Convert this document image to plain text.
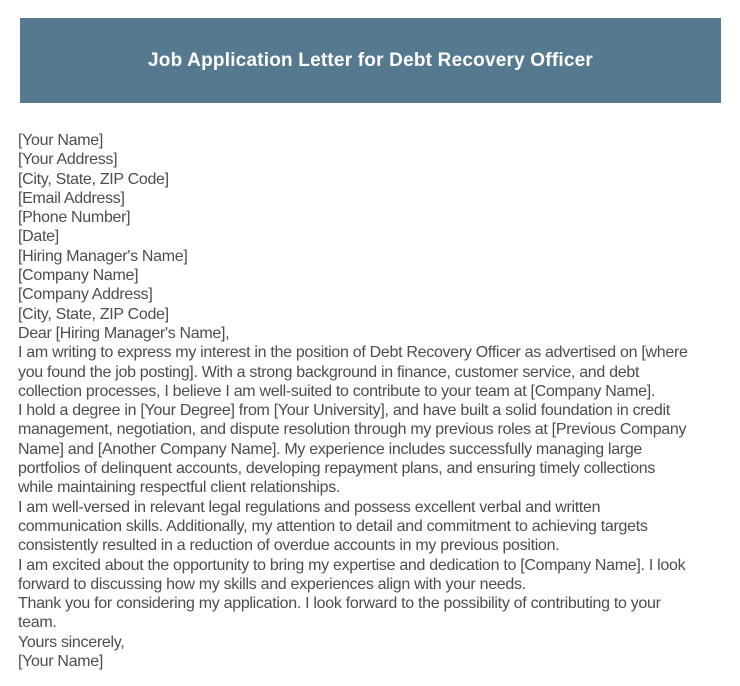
Job Application Letter for Debt Recovery Officer
[Your Name]
[Your Address]
[City, State, ZIP Code]
[Email Address]
[Phone Number]
[Date]
[Hiring Manager's Name]
[Company Name]
[Company Address]
[City, State, ZIP Code]
Dear [Hiring Manager's Name],
I am writing to express my interest in the position of Debt Recovery Officer as advertised on [where
you found the job posting]. With a strong background in finance, customer service, and debt
collection processes, I believe I am well-suited to contribute to your team at [Company Name].
I hold a degree in [Your Degree] from [Your University], and have built a solid foundation in credit
management, negotiation, and dispute resolution through my previous roles at [Previous Company
Name] and [Another Company Name]. My experience includes successfully managing large
portfolios of delinquent accounts, developing repayment plans, and ensuring timely collections
while maintaining respectful client relationships.
I am well-versed in relevant legal regulations and possess excellent verbal and written
communication skills. Additionally, my attention to detail and commitment to achieving targets
consistently resulted in a reduction of overdue accounts in my previous position.
I am excited about the opportunity to bring my expertise and dedication to [Company Name]. I look
forward to discussing how my skills and experiences align with your needs.
Thank you for considering my application. I look forward to the possibility of contributing to your
team.
Yours sincerely,
[Your Name]
